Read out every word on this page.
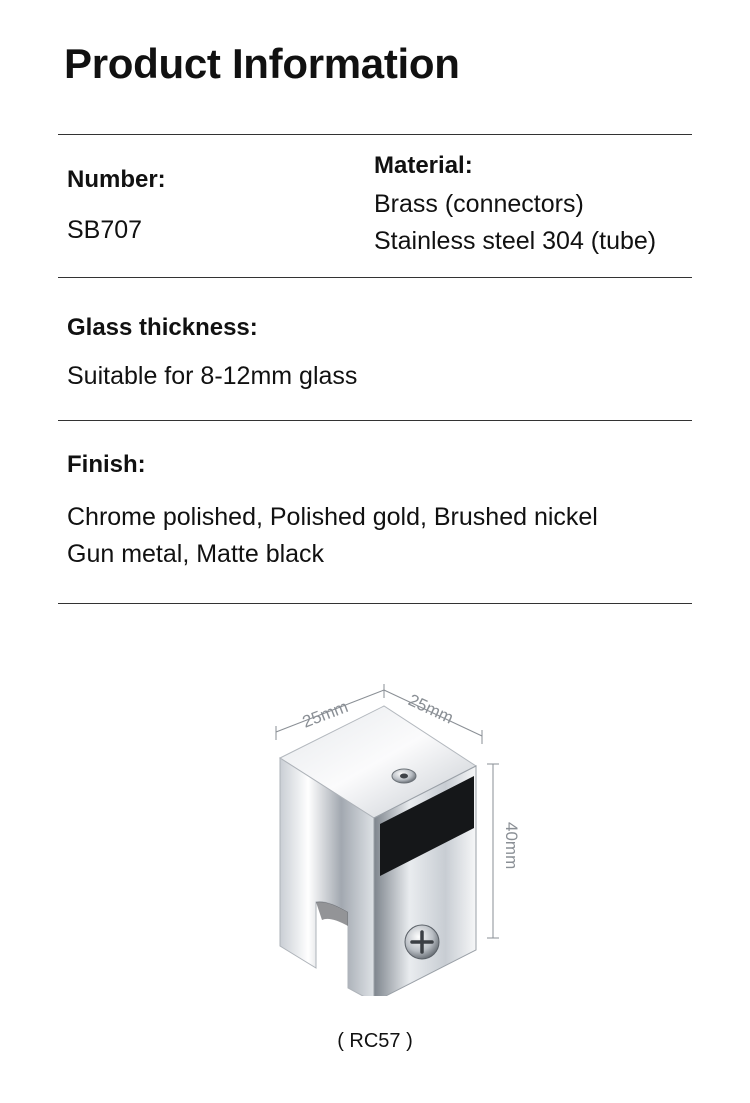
Product Information
Number:
SB707
Material:
Brass (connectors)
Stainless steel 304 (tube)
Glass thickness:
Suitable for 8-12mm glass
Finish:
Chrome polished, Polished gold, Brushed nickel
Gun metal, Matte black
25mm	25mm
40mm
( RC57 )
